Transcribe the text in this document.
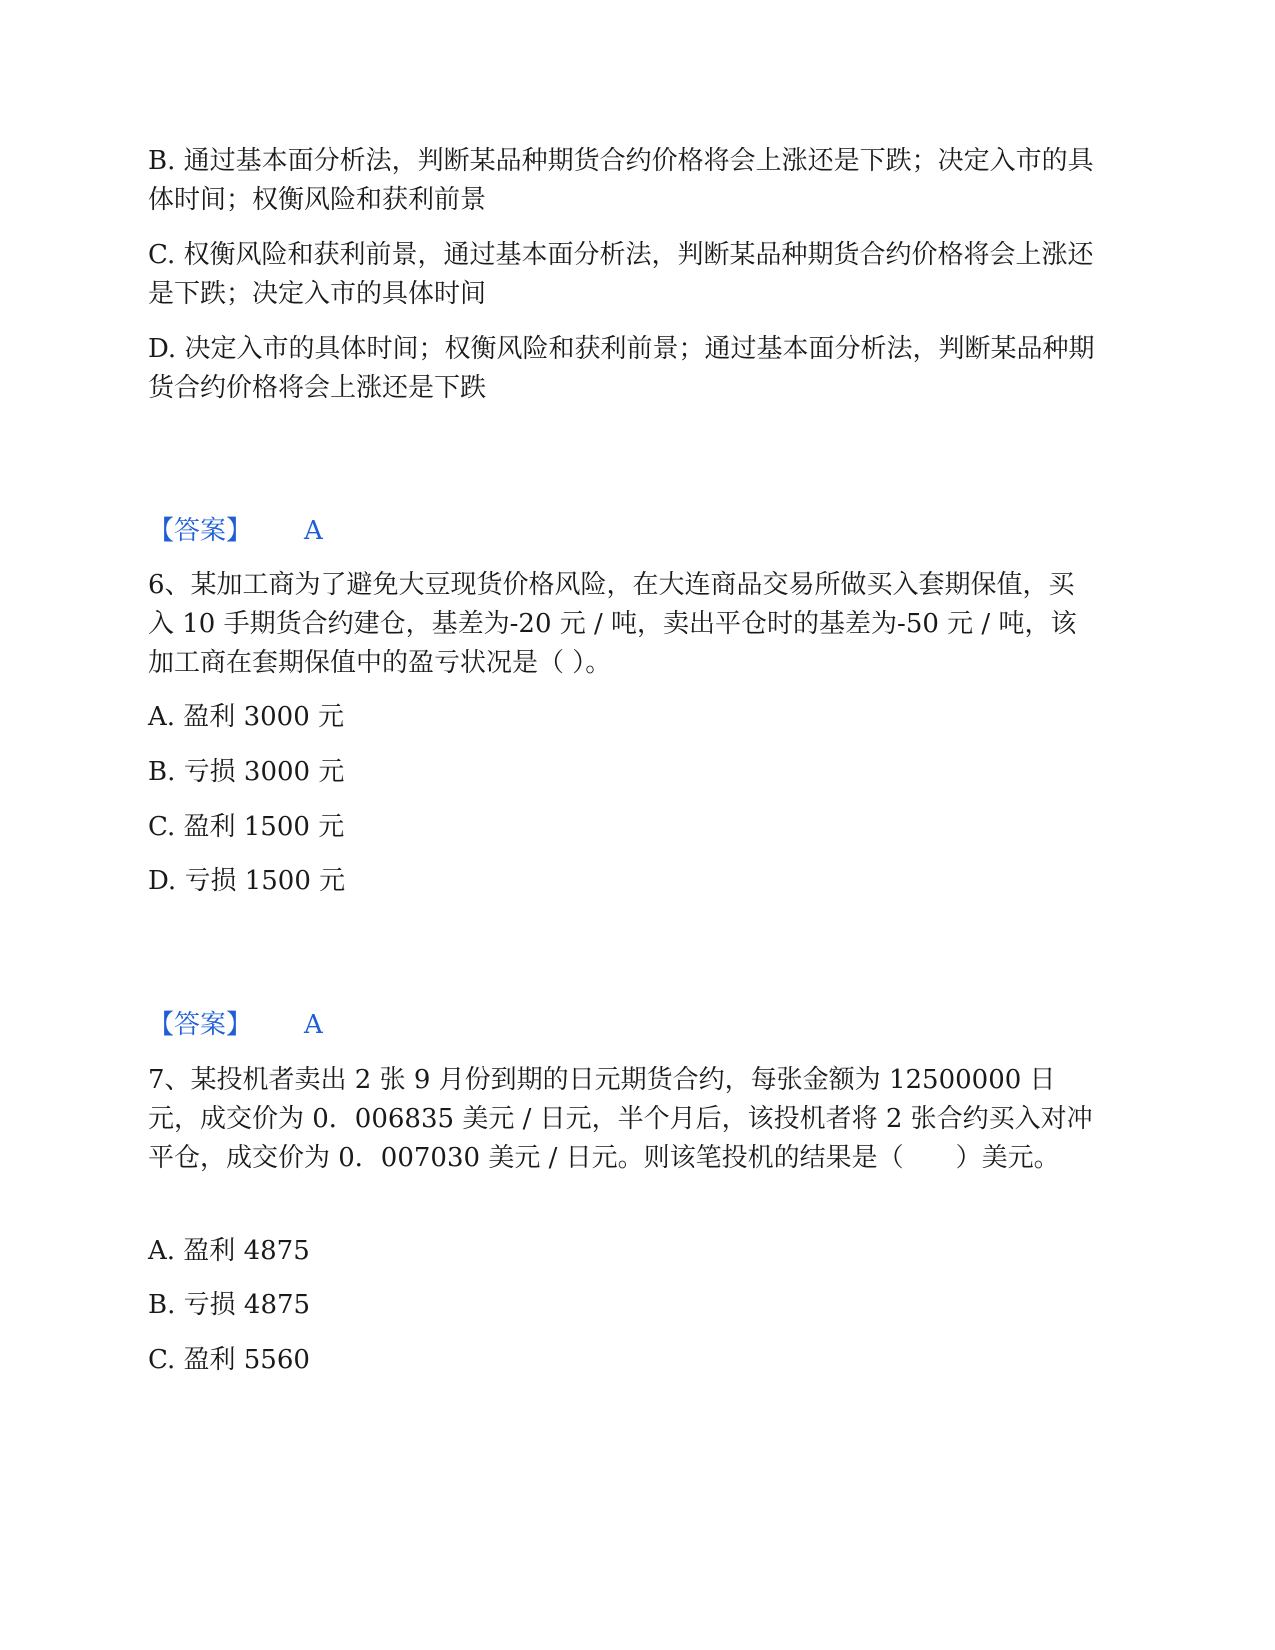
B. 通过基本面分析法，判断某品种期货合约价格将会上涨还是下跌；决定入市的具体时间；权衡风险和获利前景
C. 权衡风险和获利前景，通过基本面分析法，判断某品种期货合约价格将会上涨还是下跌；决定入市的具体时间
D. 决定入市的具体时间；权衡风险和获利前景；通过基本面分析法，判断某品种期货合约价格将会上涨还是下跌
【答案】 A
6、某加工商为了避免大豆现货价格风险，在大连商品交易所做买入套期保值，买入 10 手期货合约建仓，基差为-20 元 / 吨，卖出平仓时的基差为-50 元 / 吨，该加工商在套期保值中的盈亏状况是（ ）。
A. 盈利 3000 元
B. 亏损 3000 元
C. 盈利 1500 元
D. 亏损 1500 元
【答案】 A
7、某投机者卖出 2 张 9 月份到期的日元期货合约，每张金额为 12500000 日元，成交价为 0．006835 美元 / 日元，半个月后，该投机者将 2 张合约买入对冲平仓，成交价为 0．007030 美元 / 日元。则该笔投机的结果是（　　）美元。
A. 盈利 4875
B. 亏损 4875
C. 盈利 5560
